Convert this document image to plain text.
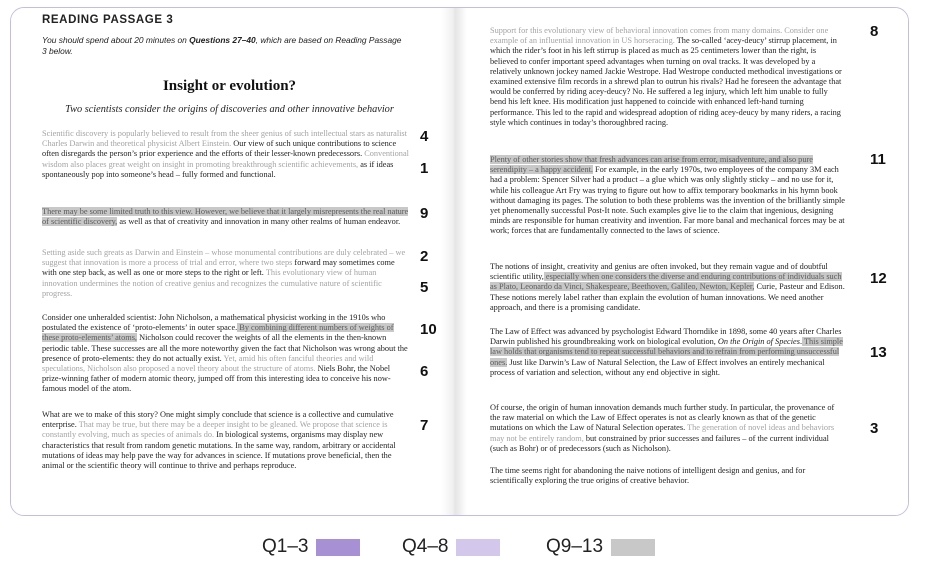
READING PASSAGE 3
You should spend about 20 minutes on Questions 27–40, which are based on Reading Passage 3 below.
Insight or evolution?
Two scientists consider the origins of discoveries and other innovative behavior
Scientific discovery is popularly believed to result from the sheer genius of such intellectual stars as naturalist Charles Darwin and theoretical physicist Albert Einstein. Our view of such unique contributions to science often disregards the person’s prior experience and the efforts of their lesser-known predecessors. Conventional wisdom also places great weight on insight in promoting breakthrough scientific achievements, as if ideas spontaneously pop into someone’s head – fully formed and functional.
There may be some limited truth to this view. However, we believe that it largely misrepresents the real nature of scientific discovery, as well as that of creativity and innovation in many other realms of human endeavor.
Setting aside such greats as Darwin and Einstein – whose monumental contributions are duly celebrated – we suggest that innovation is more a process of trial and error, where two steps forward may sometimes come with one step back, as well as one or more steps to the right or left. This evolutionary view of human innovation undermines the notion of creative genius and recognizes the cumulative nature of scientific progress.
Consider one unheralded scientist: John Nicholson, a mathematical physicist working in the 1910s who postulated the existence of ‘proto-elements’ in outer space. By combining different numbers of weights of these proto-elements’ atoms, Nicholson could recover the weights of all the elements in the then-known periodic table. These successes are all the more noteworthy given the fact that Nicholson was wrong about the presence of proto-elements: they do not actually exist. Yet, amid his often fanciful theories and wild speculations, Nicholson also proposed a novel theory about the structure of atoms. Niels Bohr, the Nobel prize-winning father of modern atomic theory, jumped off from this interesting idea to conceive his now-famous model of the atom.
What are we to make of this story? One might simply conclude that science is a collective and cumulative enterprise. That may be true, but there may be a deeper insight to be gleaned. We propose that science is constantly evolving, much as species of animals do. In biological systems, organisms may display new characteristics that result from random genetic mutations. In the same way, random, arbitrary or accidental mutations of ideas may help pave the way for advances in science. If mutations prove beneficial, then the animal or the scientific theory will continue to thrive and perhaps reproduce.
Support for this evolutionary view of behavioral innovation comes from many domains. Consider one example of an influential innovation in US horseracing. The so-called ‘acey-deucy’ stirrup placement, in which the rider’s foot in his left stirrup is placed as much as 25 centimeters lower than the right, is believed to confer important speed advantages when turning on oval tracks. It was developed by a relatively unknown jockey named Jackie Westrope. Had Westrope conducted methodical investigations or examined extensive film records in a shrewd plan to outrun his rivals? Had he foreseen the advantage that would be conferred by riding acey-deucy? No. He suffered a leg injury, which left him unable to fully bend his left knee. His modification just happened to coincide with enhanced left-hand turning performance. This led to the rapid and widespread adoption of riding acey-deucy by many riders, a racing style which continues in today’s thoroughbred racing.
Plenty of other stories show that fresh advances can arise from error, misadventure, and also pure serendipity – a happy accident. For example, in the early 1970s, two employees of the company 3M each had a problem: Spencer Silver had a product – a glue which was only slightly sticky – and no use for it, while his colleague Art Fry was trying to figure out how to affix temporary bookmarks in his hymn book without damaging its pages. The solution to both these problems was the invention of the brilliantly simple yet phenomenally successful Post-It note. Such examples give lie to the claim that ingenious, designing minds are responsible for human creativity and invention. Far more banal and mechanical forces may be at work; forces that are fundamentally connected to the laws of science.
The notions of insight, creativity and genius are often invoked, but they remain vague and of doubtful scientific utility, especially when one considers the diverse and enduring contributions of individuals such as Plato, Leonardo da Vinci, Shakespeare, Beethoven, Galileo, Newton, Kepler, Curie, Pasteur and Edison. These notions merely label rather than explain the evolution of human innovations. We need another approach, and there is a promising candidate.
The Law of Effect was advanced by psychologist Edward Thorndike in 1898, some 40 years after Charles Darwin published his groundbreaking work on biological evolution, On the Origin of Species. This simple law holds that organisms tend to repeat successful behaviors and to refrain from performing unsuccessful ones. Just like Darwin’s Law of Natural Selection, the Law of Effect involves an entirely mechanical process of variation and selection, without any end objective in sight.
Of course, the origin of human innovation demands much further study. In particular, the provenance of the raw material on which the Law of Effect operates is not as clearly known as that of the genetic mutations on which the Law of Natural Selection operates. The generation of novel ideas and behaviors may not be entirely random, but constrained by prior successes and failures – of the current individual (such as Bohr) or of predecessors (such as Nicholson).
The time seems right for abandoning the naive notions of intelligent design and genius, and for scientifically exploring the true origins of creative behavior.
4
1
9
2
5
10
6
7
8
11
12
13
3
Q1–3	Q4–8	Q9–13
